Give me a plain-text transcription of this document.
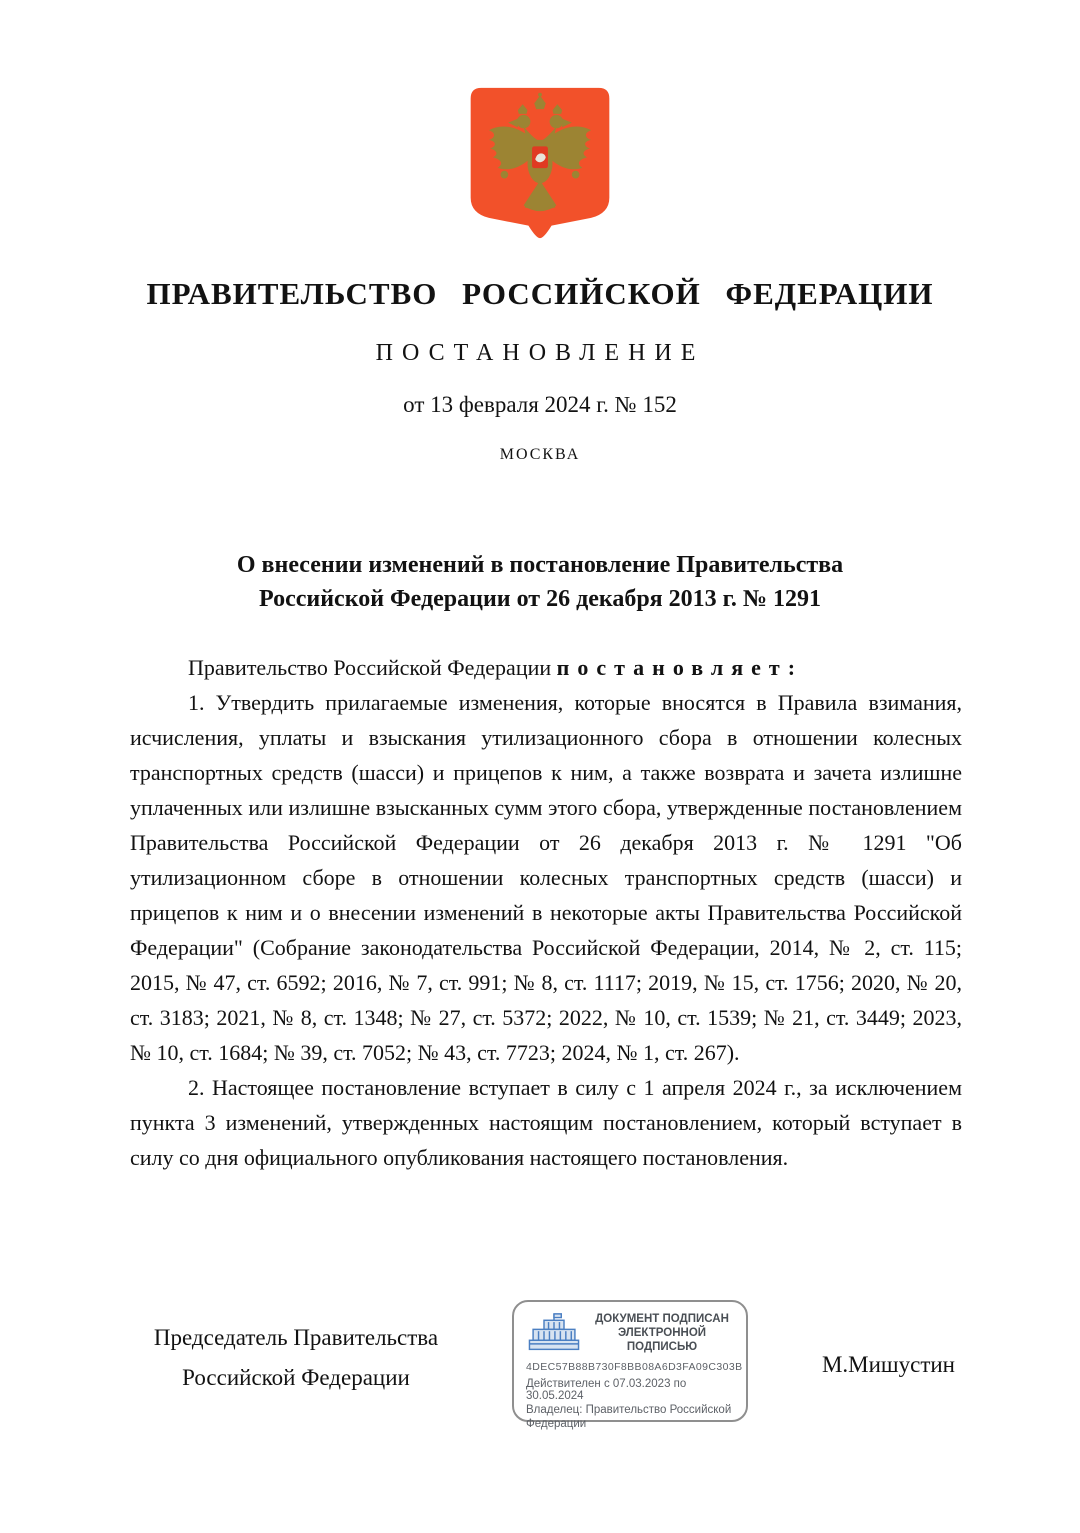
ПРАВИТЕЛЬСТВО РОССИЙСКОЙ ФЕДЕРАЦИИ
ПОСТАНОВЛЕНИЕ
от 13 февраля 2024 г. № 152
МОСКВА
О внесении изменений в постановление Правительства
Российской Федерации от 26 декабря 2013 г. № 1291

Правительство Российской Федерации постановляет:

1. Утвердить прилагаемые изменения, которые вносятся в Правила взимания, исчисления, уплаты и взыскания утилизационного сбора в отношении колесных транспортных средств (шасси) и прицепов к ним, а также возврата и зачета излишне уплаченных или излишне взысканных сумм этого сбора, утвержденные постановлением Правительства Российской Федерации от 26 декабря 2013 г. № 1291 "Об утилизационном сборе в отношении колесных транспортных средств (шасси) и прицепов к ним и о внесении изменений в некоторые акты Правительства Российской Федерации" (Собрание законодательства Российской Федерации, 2014, № 2, ст. 115; 2015, № 47, ст. 6592; 2016, № 7, ст. 991; № 8, ст. 1117; 2019, № 15, ст. 1756; 2020, № 20, ст. 3183; 2021, № 8, ст. 1348; № 27, ст. 5372; 2022, № 10, ст. 1539; № 21, ст. 3449; 2023, № 10, ст. 1684; № 39, ст. 7052; № 43, ст. 7723; 2024, № 1, ст. 267).

2. Настоящее постановление вступает в силу с 1 апреля 2024 г., за исключением пункта 3 изменений, утвержденных настоящим постановлением, который вступает в силу со дня официального опубликования настоящего постановления.

Председатель Правительства
Российской Федерации
ДОКУМЕНТ ПОДПИСАН
ЭЛЕКТРОННОЙ ПОДПИСЬЮ
4DEC57B88B730F8BB08A6D3FA09C303B
Действителен с 07.03.2023 по 30.05.2024
Владелец: Правительство Российской Федерации
М.Мишустин
